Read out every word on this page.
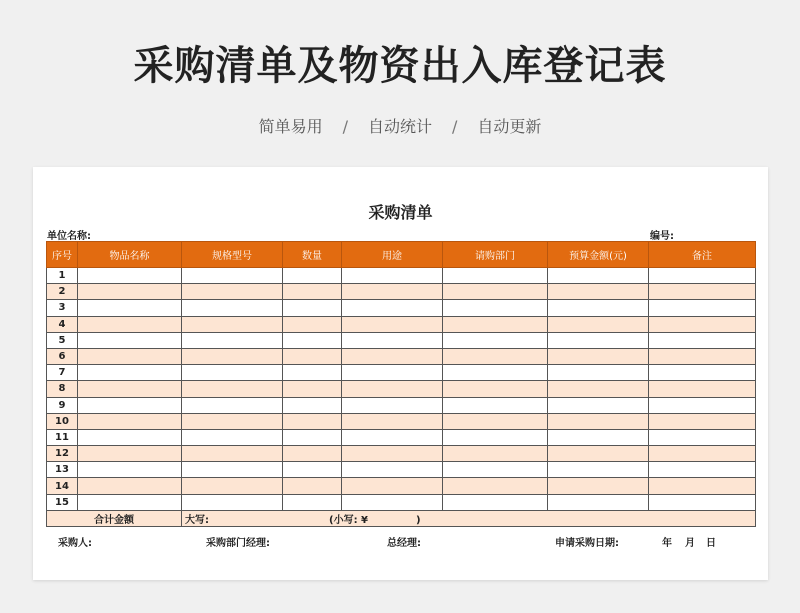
采购清单及物资出入库登记表
简单易用 / 自动统计 / 自动更新
采购清单
单位名称:	编号:
序号	物品名称	规格型号	数量	用途	请购部门	预算金额(元)	备注
1							
2							
3							
4							
5							
6							
7							
8							
9							
10							
11							
12							
13							
14							
15							
合计金额		大写: (小写: ¥ )					
采购人:	采购部门经理:	总经理:	申请采购日期:	年 月 日
